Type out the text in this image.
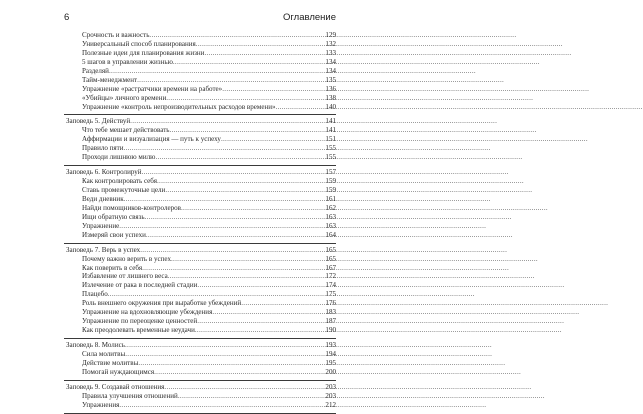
6	Оглавление
Срочность и важность .....	129
Универсальный способ планирования .....	132
Полезные идеи для планирования жизни .....	133
5 шагов в управлении жизнью .....	134
Разделяй .....	134
Тайм-менеджмент .....	135
Упражнение «растратчики времени на работе» .....	136
«Убийцы» личного времени .....	138
Упражнение «контроль непроизводительных расходов времени» .....	140
Заповедь 5. Действуй .....	141
Что тебе мешает действовать .....	141
Аффирмации и визуализация — путь к успеху .....	151
Правило пяти .....	155
Проходи лишнюю милю .....	155
Заповедь 6. Контролируй .....	157
Как контролировать себя .....	159
Ставь промежуточные цели .....	159
Веди дневник .....	161
Найди помощников-контролеров .....	162
Ищи обратную связь .....	163
Упражнение .....	163
Измеряй свои успехи .....	164
Заповедь 7. Верь в успех .....	165
Почему важно верить в успех .....	165
Как поверить в себя .....	167
Избавление от лишнего веса .....	172
Излечение от рака в последней стадии .....	174
Плацебо .....	175
Роль внешнего окружения при выработке убеждений .....	176
Упражнение на вдохновляющие убеждения .....	183
Упражнение по переоценке ценностей .....	187
Как преодолевать временные неудачи .....	190
Заповедь 8. Молись .....	193
Сила молитвы .....	194
Действие молитвы .....	195
Помогай нуждающимся .....	200
Заповедь 9. Создавай отношения .....	203
Правила улучшения отношений .....	203
Упражнения .....	212
